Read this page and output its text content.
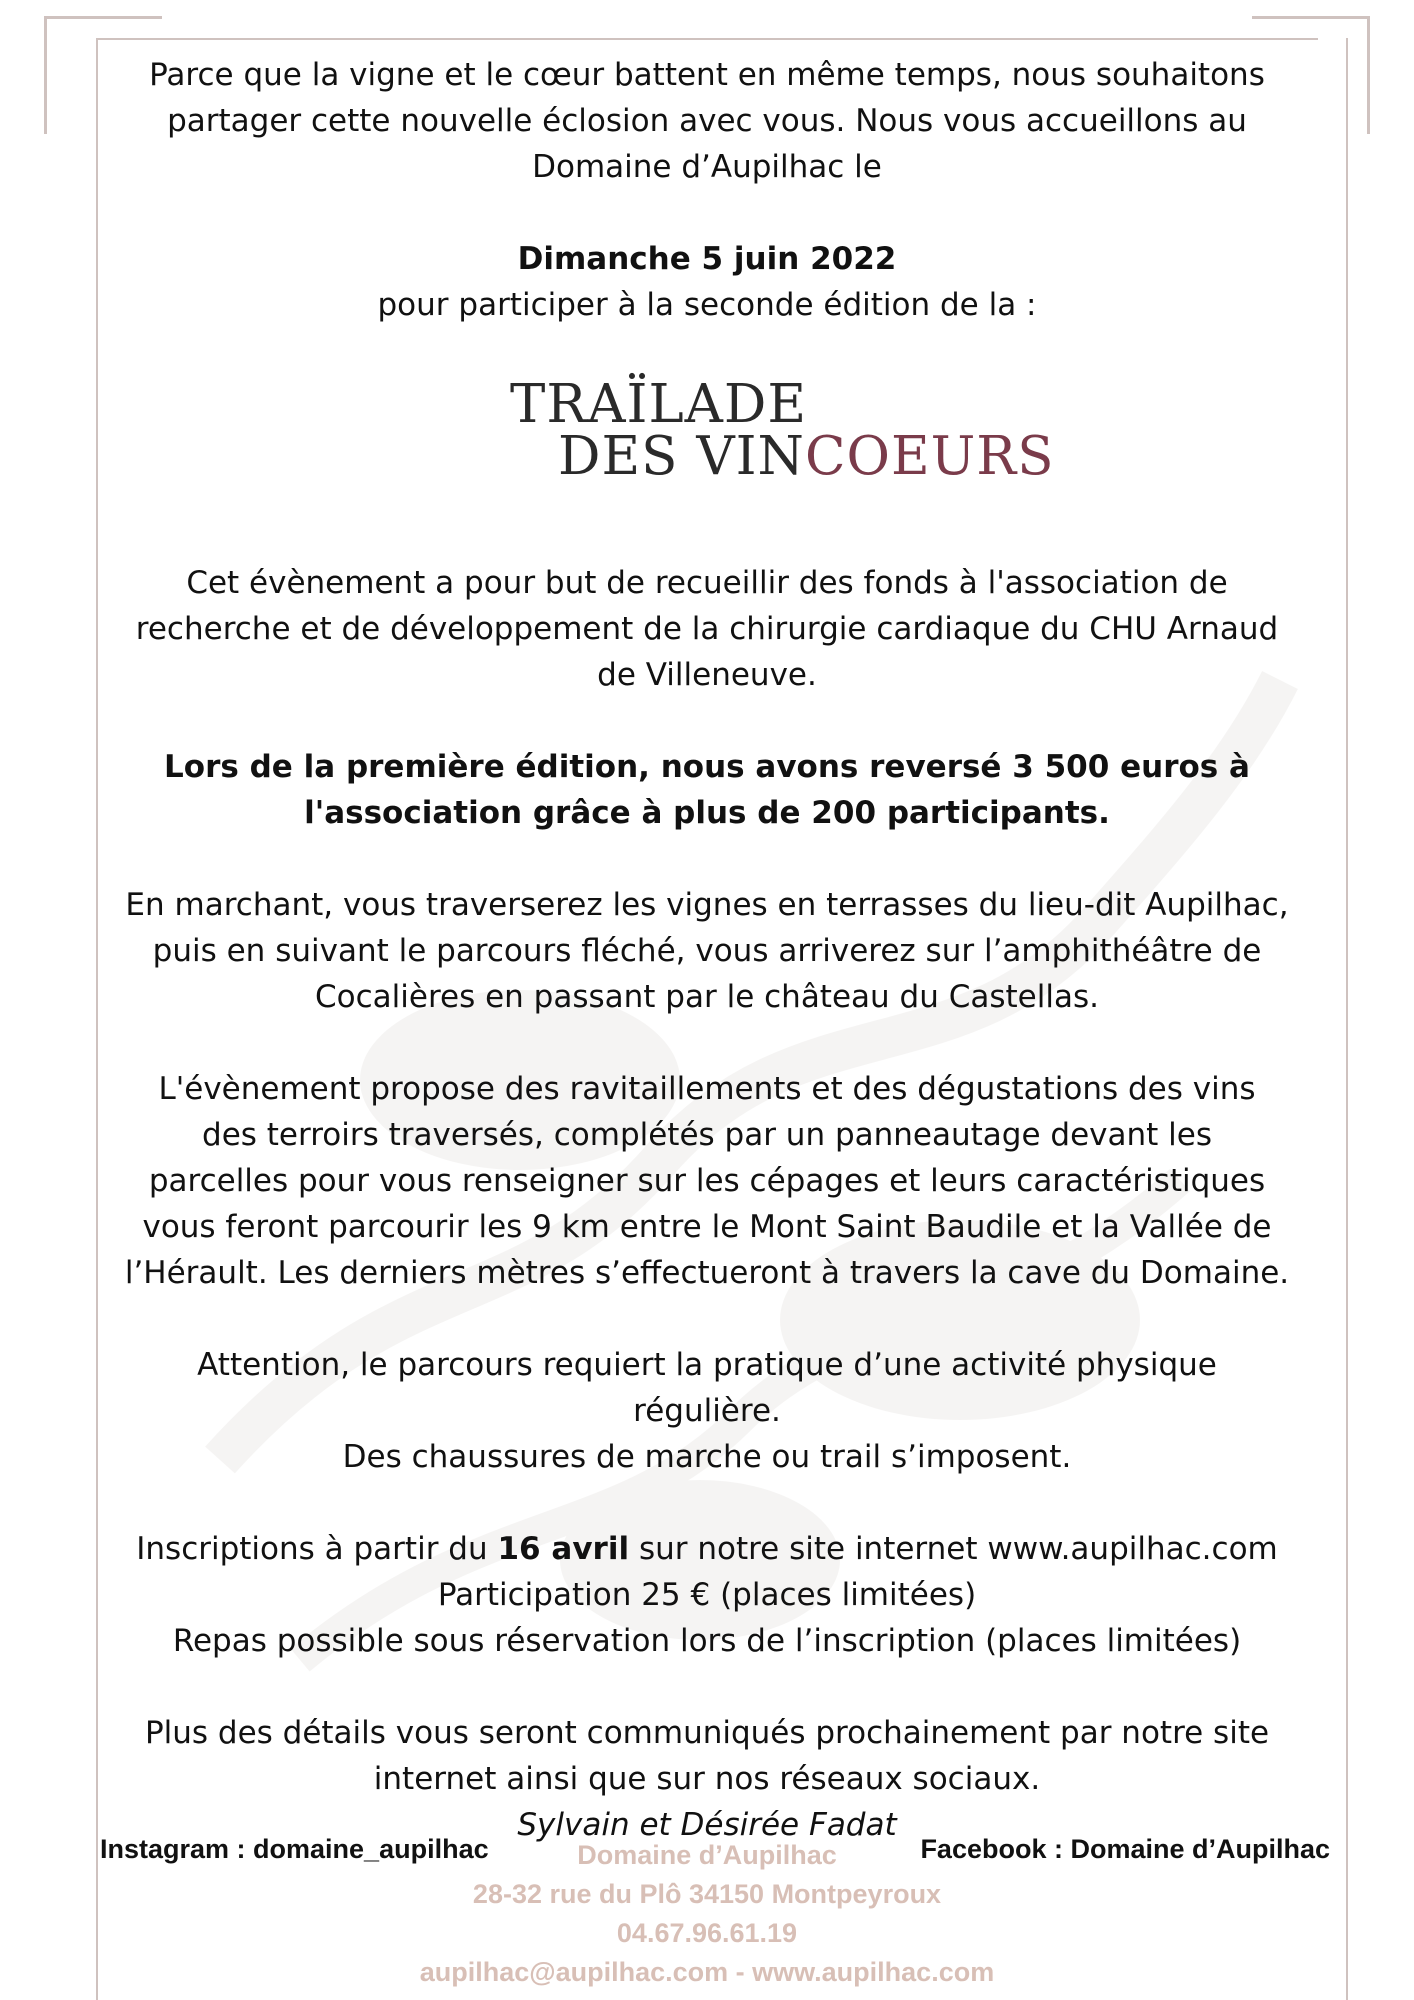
Parce que la vigne et le cœur battent en même temps, nous souhaitons
partager cette nouvelle éclosion avec vous. Nous vous accueillons au
Domaine d’Aupilhac le

Dimanche 5 juin 2022
pour participer à la seconde édition de la :

TRAÏLADE
DES VINCOEURS

Cet évènement a pour but de recueillir des fonds à l'association de
recherche et de développement de la chirurgie cardiaque du CHU Arnaud
de Villeneuve.

Lors de la première édition, nous avons reversé 3 500 euros à
l'association grâce à plus de 200 participants.

En marchant, vous traverserez les vignes en terrasses du lieu-dit Aupilhac,
puis en suivant le parcours fléché, vous arriverez sur l’amphithéâtre de
Cocalières en passant par le château du Castellas.

L'évènement propose des ravitaillements et des dégustations des vins
des terroirs traversés, complétés par un panneautage devant les
parcelles pour vous renseigner sur les cépages et leurs caractéristiques
vous feront parcourir les 9 km entre le Mont Saint Baudile et la Vallée de
l’Hérault. Les derniers mètres s’effectueront à travers la cave du Domaine.

Attention, le parcours requiert la pratique d’une activité physique
régulière.
Des chaussures de marche ou trail s’imposent.

Inscriptions à partir du 16 avril sur notre site internet www.aupilhac.com
Participation 25 € (places limitées)
Repas possible sous réservation lors de l’inscription (places limitées)

Plus des détails vous seront communiqués prochainement par notre site
internet ainsi que sur nos réseaux sociaux.
Sylvain et Désirée Fadat

Instagram : domaine_aupilhac	Facebook : Domaine d’Aupilhac
Domaine d’Aupilhac
28-32 rue du Plô 34150 Montpeyroux
04.67.96.61.19
aupilhac@aupilhac.com - www.aupilhac.com
